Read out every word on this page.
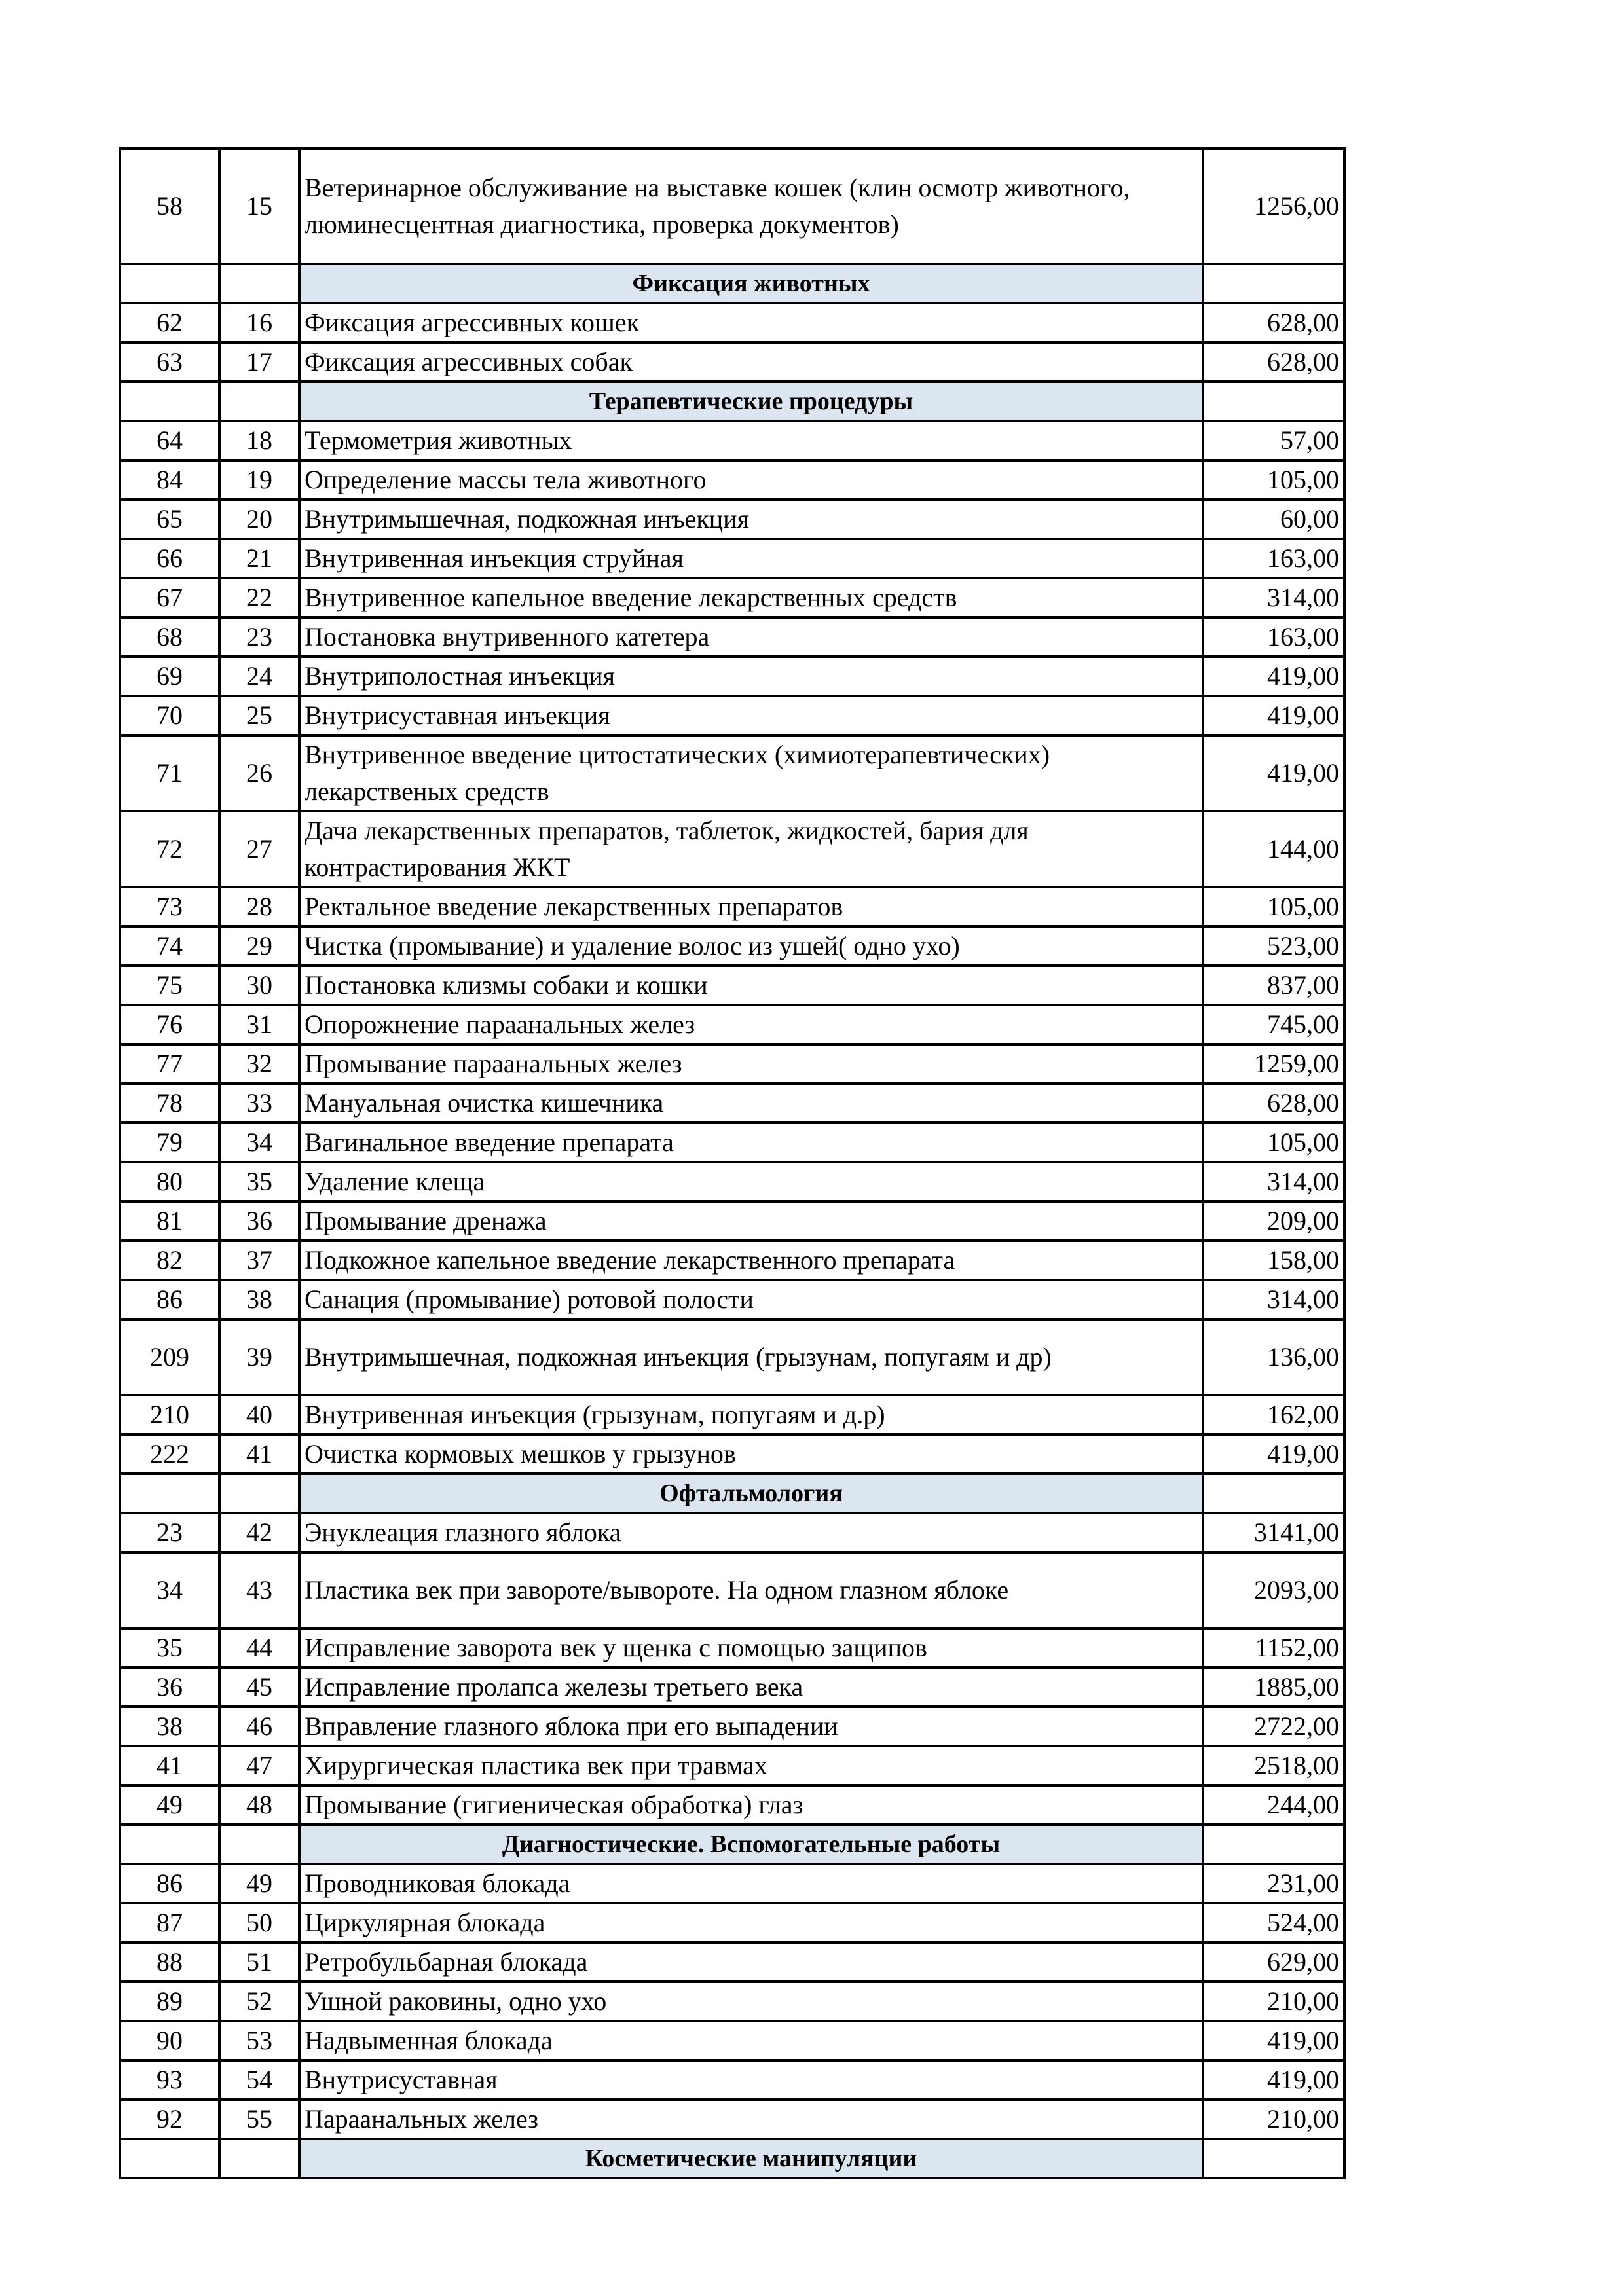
58	15	Ветеринарное обслуживание на выставке кошек (клин осмотр животного, люминесцентная диагностика, проверка документов)	1256,00
		Фиксация животных	
62	16	Фиксация агрессивных кошек	628,00
63	17	Фиксация агрессивных собак	628,00
		Терапевтические процедуры	
64	18	Термометрия животных	57,00
84	19	Определение массы тела животного	105,00
65	20	Внутримышечная, подкожная инъекция	60,00
66	21	Внутривенная инъекция струйная	163,00
67	22	Внутривенное капельное введение лекарственных средств	314,00
68	23	Постановка внутривенного катетера	163,00
69	24	Внутриполостная инъекция	419,00
70	25	Внутрисуставная инъекция	419,00
71	26	Внутривенное введение цитостатических (химиотерапевтических) лекарственых средств	419,00
72	27	Дача лекарственных препаратов, таблеток, жидкостей, бария для контрастирования ЖКТ	144,00
73	28	Ректальное введение лекарственных препаратов	105,00
74	29	Чистка (промывание) и удаление волос из ушей( одно ухо)	523,00
75	30	Постановка клизмы собаки и кошки	837,00
76	31	Опорожнение параанальных желез	745,00
77	32	Промывание параанальных желез	1259,00
78	33	Мануальная очистка кишечника	628,00
79	34	Вагинальное введение препарата	105,00
80	35	Удаление клеща	314,00
81	36	Промывание дренажа	209,00
82	37	Подкожное капельное введение лекарственного препарата	158,00
86	38	Санация (промывание) ротовой полости	314,00
209	39	Внутримышечная, подкожная инъекция (грызунам, попугаям и др)	136,00
210	40	Внутривенная инъекция (грызунам, попугаям и д.р)	162,00
222	41	Очистка кормовых мешков у грызунов	419,00
		Офтальмология	
23	42	Энуклеация глазного яблока	3141,00
34	43	Пластика век при завороте/вывороте. На одном глазном яблоке	2093,00
35	44	Исправление заворота век у щенка с помощью защипов	1152,00
36	45	Исправление пролапса железы третьего века	1885,00
38	46	Вправление глазного яблока при его выпадении	2722,00
41	47	Хирургическая пластика век при травмах	2518,00
49	48	Промывание (гигиеническая обработка) глаз	244,00
		Диагностические. Вспомогательные работы	
86	49	Проводниковая блокада	231,00
87	50	Циркулярная блокада	524,00
88	51	Ретробульбарная блокада	629,00
89	52	Ушной раковины, одно ухо	210,00
90	53	Надвыменная блокада	419,00
93	54	Внутрисуставная	419,00
92	55	Параанальных желез	210,00
		Косметические манипуляции	
